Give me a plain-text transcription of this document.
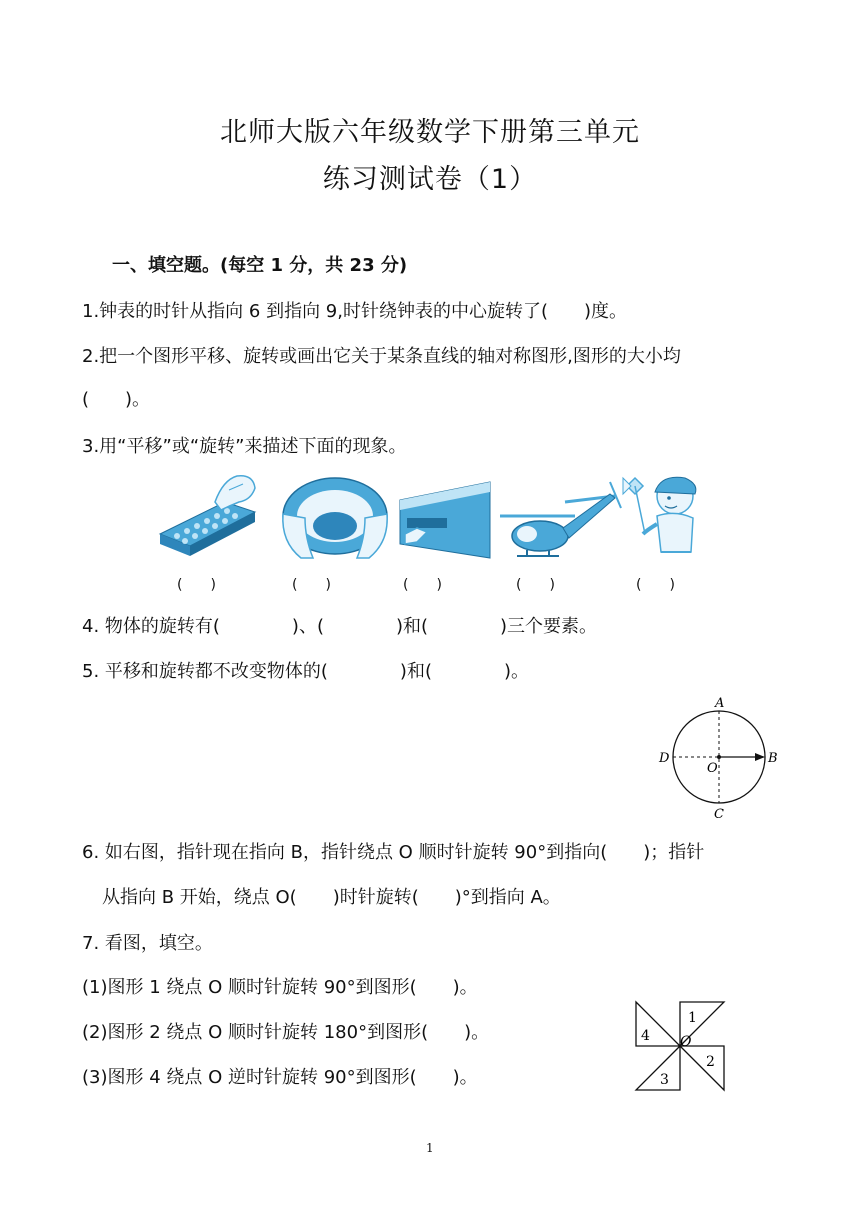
北师大版六年级数学下册第三单元
练习测试卷（1）
一、填空题。(每空 1 分，共 23 分)
1.钟表的时针从指向 6 到指向 9,时针绕钟表的中心旋转了(　　)度。
2.把一个图形平移、旋转或画出它关于某条直线的轴对称图形,图形的大小均
(　　)。
3.用“平移”或“旋转”来描述下面的现象。
(　　)	(　　)	(　　)	(　　)	(　　)
4. 物体的旋转有(　　　　)、(　　　　)和(　　　　)三个要素。
5. 平移和旋转都不改变物体的(　　　　)和(　　　　)。
A
B
C
D
O
6. 如右图，指针现在指向 B，指针绕点 O 顺时针旋转 90°到指向(　　)；指针
从指向 B 开始，绕点 O(　　)时针旋转(　　)°到指向 A。
7. 看图，填空。
(1)图形 1 绕点 O 顺时针旋转 90°到图形(　　)。
(2)图形 2 绕点 O 顺时针旋转 180°到图形(　　)。
(3)图形 4 绕点 O 逆时针旋转 90°到图形(　　)。
1
2
3
4 O
1
